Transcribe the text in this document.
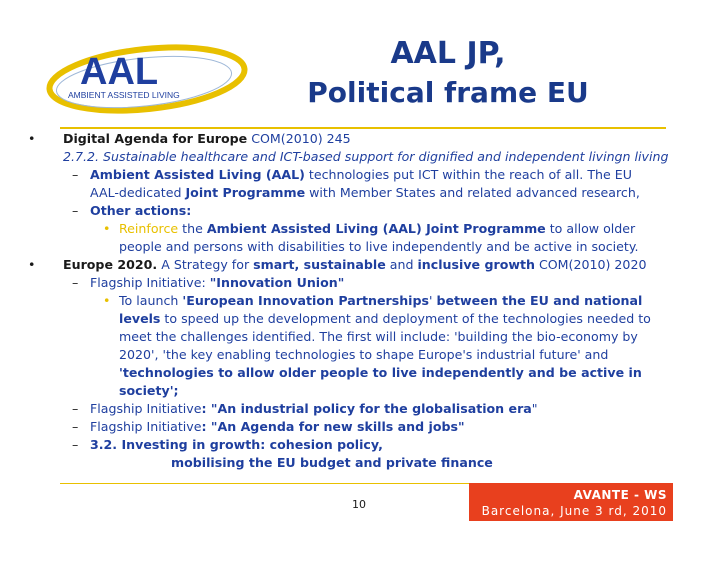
AAL
AMBIENT ASSISTED LIVING
AAL JP,
Political frame EU
• Digital Agenda for Europe COM(2010) 245
2.7.2. Sustainable healthcare and ICT-based support for dignified and independent livingn living
– Ambient Assisted Living (AAL) technologies put ICT within the reach of all. The EU
AAL-dedicated Joint Programme with Member States and related advanced research,
– Other actions:
• Reinforce the Ambient Assisted Living (AAL) Joint Programme to allow older
people and persons with disabilities to live independently and be active in society.
• Europe 2020. A Strategy for smart, sustainable and inclusive growth COM(2010) 2020
– Flagship Initiative: "Innovation Union"
• To launch 'European Innovation Partnerships' between the EU and national
levels to speed up the development and deployment of the technologies needed to
meet the challenges identified. The first will include: 'building the bio-economy by
2020', 'the key enabling technologies to shape Europe's industrial future' and
'technologies to allow older people to live independently and be active in
society';
– Flagship Initiative: "An industrial policy for the globalisation era"
– Flagship Initiative: "An Agenda for new skills and jobs"
– 3.2. Investing in growth: cohesion policy,
mobilising the EU budget and private finance
10
AVANTE - WS
Barcelona, June 3 rd, 2010
